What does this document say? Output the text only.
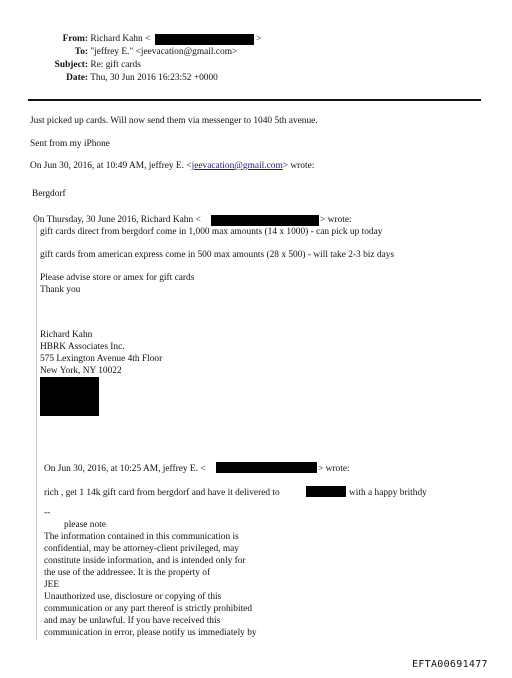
From: Richard Kahn <	>
To: "jeffrey E." <jeevacation@gmail.com>
Subject: Re: gift cards
Date: Thu, 30 Jun 2016 16:23:52 +0000
Just picked up cards. Will now send them via messenger to 1040 5th avenue.
Sent from my iPhone
On Jun 30, 2016, at 10:49 AM, jeffrey E. <jeevacation@gmail.com> wrote:
Bergdorf
On Thursday, 30 June 2016, Richard Kahn <	> wrote:
gift cards direct from bergdorf come in 1,000 max amounts (14 x 1000) - can pick up today
gift cards from american express come in 500 max amounts (28 x 500) - will take 2-3 biz days
Please advise store or amex for gift cards
Thank you
Richard Kahn
HBRK Associates Inc.
575 Lexington Avenue 4th Floor
New York, NY 10022
On Jun 30, 2016, at 10:25 AM, jeffrey E. <	> wrote:
rich , get 1 14k gift card from bergdorf and have it delivered to	with a happy brithdy
--
please note
The information contained in this communication is
confidential, may be attorney-client privileged, may
constitute inside information, and is intended only for
the use of the addressee. It is the property of
JEE
Unauthorized use, disclosure or copying of this
communication or any part thereof is strictly prohibited
and may be unlawful. If you have received this
communication in error, please notify us immediately by
EFTA00691477
